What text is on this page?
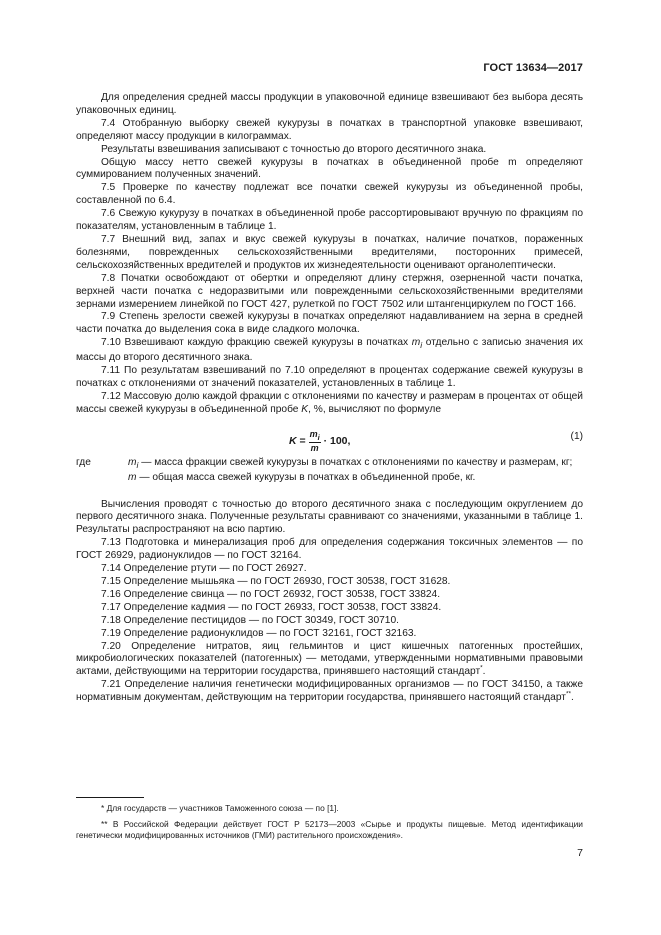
ГОСТ 13634—2017

Для определения средней массы продукции в упаковочной единице взвешивают без выбора десять упаковочных единиц.

7.4 Отобранную выборку свежей кукурузы в початках в транспортной упаковке взвешивают, определяют массу продукции в килограммах.

Результаты взвешивания записывают с точностью до второго десятичного знака.

Общую массу нетто свежей кукурузы в початках в объединенной пробе m определяют суммированием полученных значений.

7.5 Проверке по качеству подлежат все початки свежей кукурузы из объединенной пробы, составленной по 6.4.

7.6 Свежую кукурузу в початках в объединенной пробе рассортировывают вручную по фракциям по показателям, установленным в таблице 1.

7.7 Внешний вид, запах и вкус свежей кукурузы в початках, наличие початков, пораженных болезнями, поврежденных сельскохозяйственными вредителями, посторонних примесей, сельскохозяйственных вредителей и продуктов их жизнедеятельности оценивают органолептически.

7.8 Початки освобождают от обертки и определяют длину стержня, озерненной части початка, верхней части початка с недоразвитыми или поврежденными сельскохозяйственными вредителями зернами измерением линейкой по ГОСТ 427, рулеткой по ГОСТ 7502 или штангенциркулем по ГОСТ 166.

7.9 Степень зрелости свежей кукурузы в початках определяют надавливанием на зерна в средней части початка до выделения сока в виде сладкого молочка.

7.10 Взвешивают каждую фракцию свежей кукурузы в початках $m_i$ отдельно с записью значения их массы до второго десятичного знака.

7.11 По результатам взвешиваний по 7.10 определяют в процентах содержание свежей кукурузы в початках с отклонениями от значений показателей, установленных в таблице 1.

7.12 Массовую долю каждой фракции с отклонениями по качеству и размерам в процентах от общей массы свежей кукурузы в объединенной пробе K, %, вычисляют по формуле

$K = \frac{m_i}{m} \cdot 100$,	(1)
где	$m_i$ — масса фракции свежей кукурузы в початках с отклонениями по качеству и размерам, кг;
m — общая масса свежей кукурузы в початках в объединенной пробе, кг.

Вычисления проводят с точностью до второго десятичного знака с последующим округлением до первого десятичного знака. Полученные результаты сравнивают со значениями, указанными в таблице 1. Результаты распространяют на всю партию.

7.13 Подготовка и минерализация проб для определения содержания токсичных элементов — по ГОСТ 26929, радионуклидов — по ГОСТ 32164.

7.14 Определение ртути — по ГОСТ 26927.

7.15 Определение мышьяка — по ГОСТ 26930, ГОСТ 30538, ГОСТ 31628.

7.16 Определение свинца — по ГОСТ 26932, ГОСТ 30538, ГОСТ 33824.

7.17 Определение кадмия — по ГОСТ 26933, ГОСТ 30538, ГОСТ 33824.

7.18 Определение пестицидов — по ГОСТ 30349, ГОСТ 30710.

7.19 Определение радионуклидов — по ГОСТ 32161, ГОСТ 32163.

7.20 Определение нитратов, яиц гельминтов и цист кишечных патогенных простейших, микробиологических показателей (патогенных) — методами, утвержденными нормативными правовыми актами, действующими на территории государства, принявшего настоящий стандарт*.

7.21 Определение наличия генетически модифицированных организмов — по ГОСТ 34150, а также нормативным документам, действующим на территории государства, принявшего настоящий стандарт**.

* Для государств — участников Таможенного союза — по [1].

** В Российской Федерации действует ГОСТ Р 52173—2003 «Сырье и продукты пищевые. Метод идентификации генетически модифицированных источников (ГМИ) растительного происхождения».

7
